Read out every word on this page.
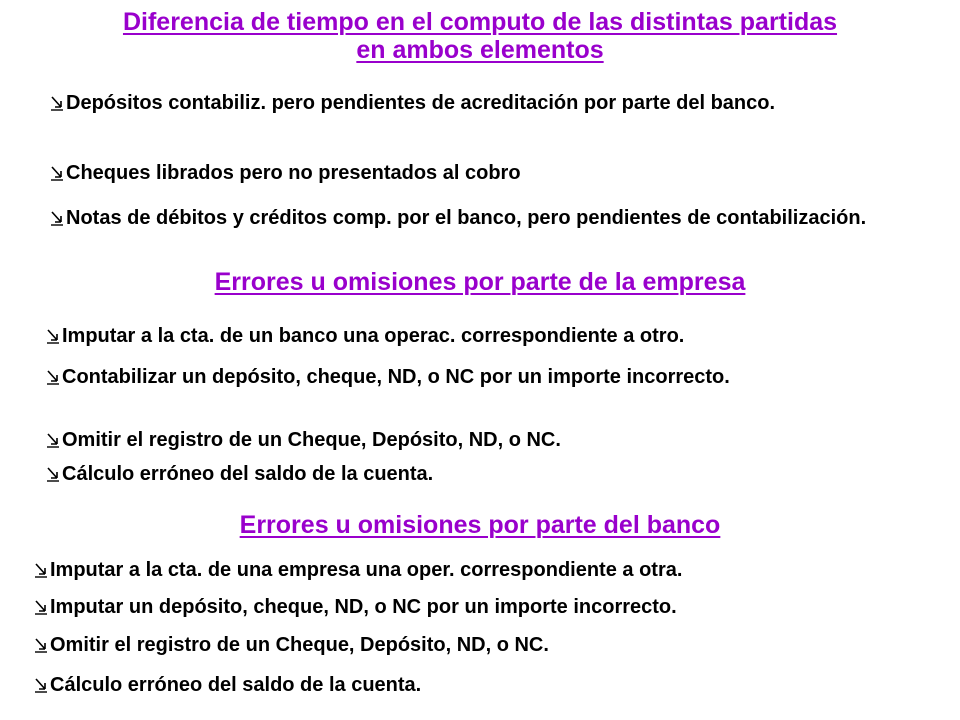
Diferencia de tiempo en el computo de las distintas partidas
en ambos elementos

Depósitos contabiliz. pero pendientes de acreditación por parte del banco.

Cheques librados pero no presentados al cobro

Notas de débitos y créditos comp. por el banco, pero pendientes de contabilización.

Errores u omisiones por parte de la empresa

Imputar a la cta. de un banco una operac. correspondiente a otro.

Contabilizar un depósito, cheque, ND, o NC por un importe incorrecto.

Omitir el registro de un Cheque, Depósito, ND, o NC.

Cálculo erróneo del saldo de la cuenta.

Errores u omisiones por parte del banco

Imputar a la cta. de una empresa una oper. correspondiente a otra.

Imputar un depósito, cheque, ND, o NC por un importe incorrecto.

Omitir el registro de un Cheque, Depósito, ND, o NC.

Cálculo erróneo del saldo de la cuenta.
